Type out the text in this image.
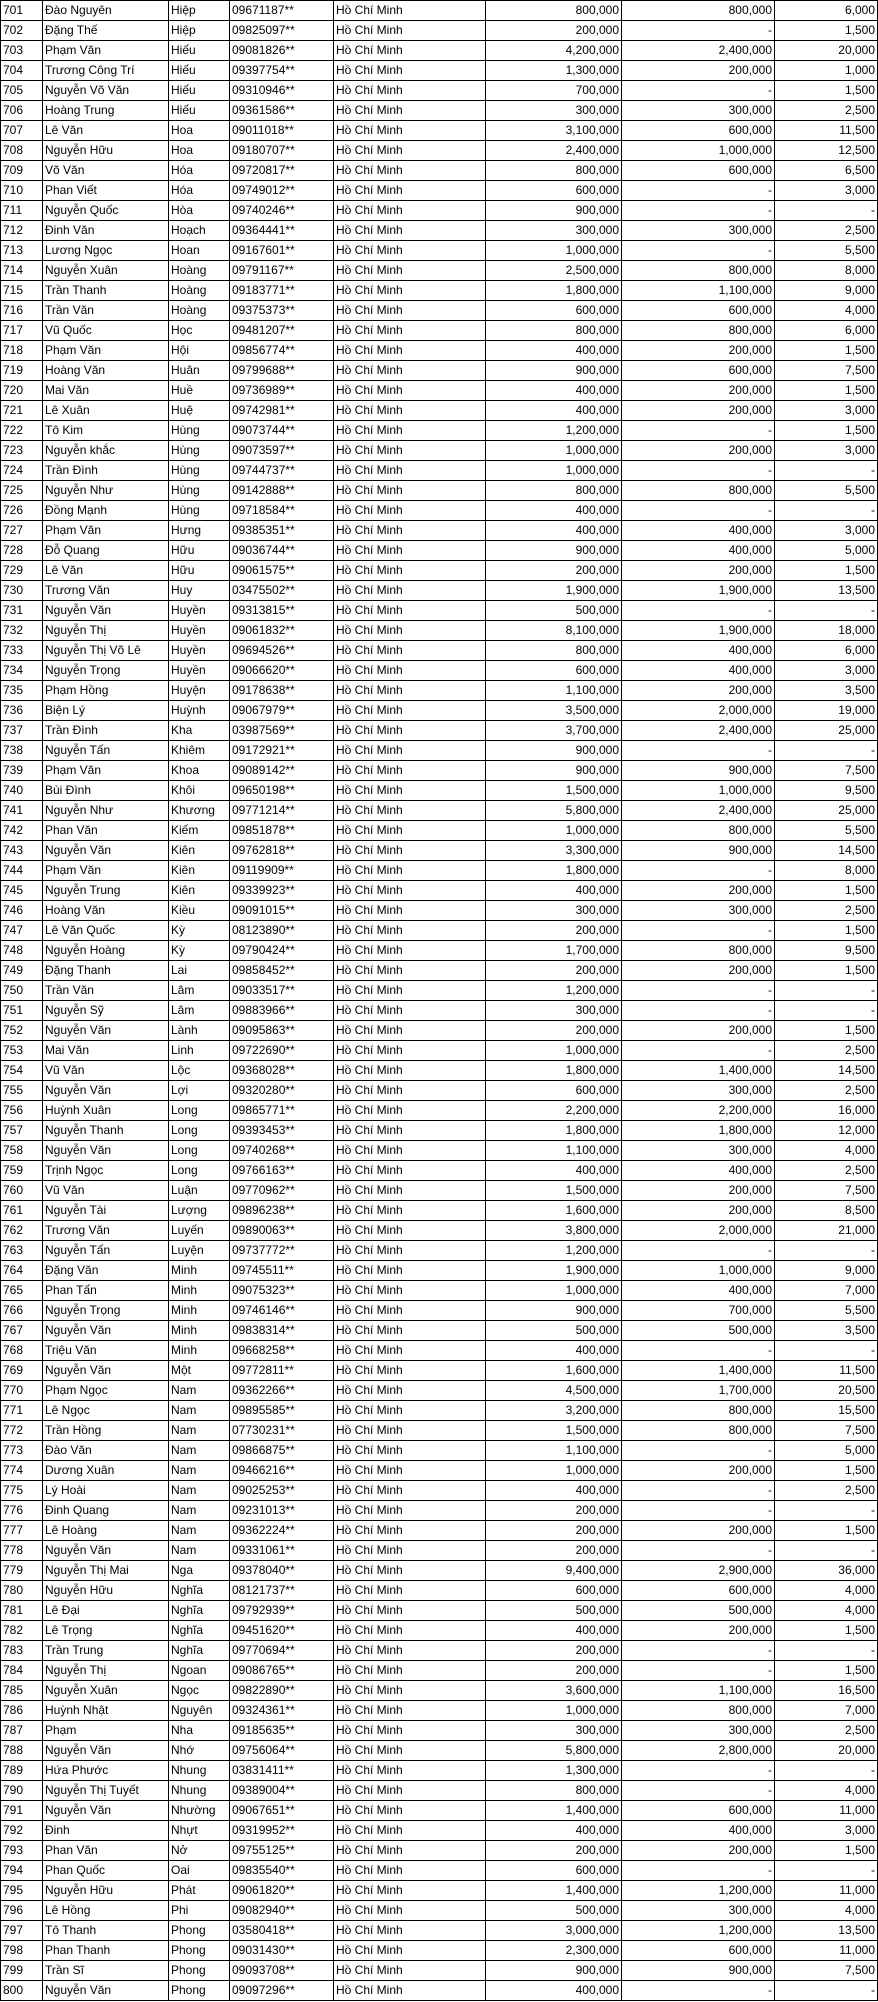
701	Đào Nguyên	Hiệp	09671187**	Hồ Chí Minh	800,000	800,000	6,000
702	Đặng Thế	Hiệp	09825097**	Hồ Chí Minh	200,000	-	1,500
703	Phạm Văn	Hiếu	09081826**	Hồ Chí Minh	4,200,000	2,400,000	20,000
704	Trương Công Trí	Hiếu	09397754**	Hồ Chí Minh	1,300,000	200,000	1,000
705	Nguyễn Võ Văn	Hiếu	09310946**	Hồ Chí Minh	700,000	-	1,500
706	Hoàng Trung	Hiếu	09361586**	Hồ Chí Minh	300,000	300,000	2,500
707	Lê Văn	Hoa	09011018**	Hồ Chí Minh	3,100,000	600,000	11,500
708	Nguyễn Hữu	Hoa	09180707**	Hồ Chí Minh	2,400,000	1,000,000	12,500
709	Võ Văn	Hóa	09720817**	Hồ Chí Minh	800,000	600,000	6,500
710	Phan Viết	Hóa	09749012**	Hồ Chí Minh	600,000	-	3,000
711	Nguyễn Quốc	Hòa	09740246**	Hồ Chí Minh	900,000	-	-
712	Đinh Văn	Hoạch	09364441**	Hồ Chí Minh	300,000	300,000	2,500
713	Lương Ngọc	Hoan	09167601**	Hồ Chí Minh	1,000,000	-	5,500
714	Nguyễn Xuân	Hoàng	09791167**	Hồ Chí Minh	2,500,000	800,000	8,000
715	Trần Thanh	Hoàng	09183771**	Hồ Chí Minh	1,800,000	1,100,000	9,000
716	Trần Văn	Hoàng	09375373**	Hồ Chí Minh	600,000	600,000	4,000
717	Vũ Quốc	Học	09481207**	Hồ Chí Minh	800,000	800,000	6,000
718	Phạm Văn	Hội	09856774**	Hồ Chí Minh	400,000	200,000	1,500
719	Hoàng Văn	Huân	09799688**	Hồ Chí Minh	900,000	600,000	7,500
720	Mai Văn	Huề	09736989**	Hồ Chí Minh	400,000	200,000	1,500
721	Lê Xuân	Huệ	09742981**	Hồ Chí Minh	400,000	200,000	3,000
722	Tô Kim	Hùng	09073744**	Hồ Chí Minh	1,200,000	-	1,500
723	Nguyễn khắc	Hùng	09073597**	Hồ Chí Minh	1,000,000	200,000	3,000
724	Trần Đình	Hùng	09744737**	Hồ Chí Minh	1,000,000	-	-
725	Nguyễn Như	Hùng	09142888**	Hồ Chí Minh	800,000	800,000	5,500
726	Đồng Mạnh	Hùng	09718584**	Hồ Chí Minh	400,000	-	-
727	Phạm Văn	Hưng	09385351**	Hồ Chí Minh	400,000	400,000	3,000
728	Đỗ Quang	Hữu	09036744**	Hồ Chí Minh	900,000	400,000	5,000
729	Lê Văn	Hữu	09061575**	Hồ Chí Minh	200,000	200,000	1,500
730	Trương Văn	Huy	03475502**	Hồ Chí Minh	1,900,000	1,900,000	13,500
731	Nguyễn Văn	Huyền	09313815**	Hồ Chí Minh	500,000	-	-
732	Nguyễn Thị	Huyền	09061832**	Hồ Chí Minh	8,100,000	1,900,000	18,000
733	Nguyễn Thị Võ Lê	Huyền	09694526**	Hồ Chí Minh	800,000	400,000	6,000
734	Nguyễn Trọng	Huyền	09066620**	Hồ Chí Minh	600,000	400,000	3,000
735	Phạm Hồng	Huyện	09178638**	Hồ Chí Minh	1,100,000	200,000	3,500
736	Biện Lý	Huỳnh	09067979**	Hồ Chí Minh	3,500,000	2,000,000	19,000
737	Trần Đình	Kha	03987569**	Hồ Chí Minh	3,700,000	2,400,000	25,000
738	Nguyễn Tấn	Khiêm	09172921**	Hồ Chí Minh	900,000	-	-
739	Phạm Văn	Khoa	09089142**	Hồ Chí Minh	900,000	900,000	7,500
740	Bùi Đình	Khôi	09650198**	Hồ Chí Minh	1,500,000	1,000,000	9,500
741	Nguyễn Như	Khương	09771214**	Hồ Chí Minh	5,800,000	2,400,000	25,000
742	Phan Văn	Kiếm	09851878**	Hồ Chí Minh	1,000,000	800,000	5,500
743	Nguyễn Văn	Kiên	09762818**	Hồ Chí Minh	3,300,000	900,000	14,500
744	Phạm Văn	Kiên	09119909**	Hồ Chí Minh	1,800,000	-	8,000
745	Nguyễn Trung	Kiên	09339923**	Hồ Chí Minh	400,000	200,000	1,500
746	Hoàng Văn	Kiều	09091015**	Hồ Chí Minh	300,000	300,000	2,500
747	Lê Văn Quốc	Kỳ	08123890**	Hồ Chí Minh	200,000	-	1,500
748	Nguyễn Hoàng	Kỳ	09790424**	Hồ Chí Minh	1,700,000	800,000	9,500
749	Đặng Thanh	Lai	09858452**	Hồ Chí Minh	200,000	200,000	1,500
750	Trần Văn	Lâm	09033517**	Hồ Chí Minh	1,200,000	-	-
751	Nguyễn Sỹ	Lâm	09883966**	Hồ Chí Minh	300,000	-	-
752	Nguyễn Văn	Lành	09095863**	Hồ Chí Minh	200,000	200,000	1,500
753	Mai Văn	Linh	09722690**	Hồ Chí Minh	1,000,000	-	2,500
754	Vũ Văn	Lộc	09368028**	Hồ Chí Minh	1,800,000	1,400,000	14,500
755	Nguyễn Văn	Lợi	09320280**	Hồ Chí Minh	600,000	300,000	2,500
756	Huỳnh Xuân	Long	09865771**	Hồ Chí Minh	2,200,000	2,200,000	16,000
757	Nguyễn Thanh	Long	09393453**	Hồ Chí Minh	1,800,000	1,800,000	12,000
758	Nguyễn Văn	Long	09740268**	Hồ Chí Minh	1,100,000	300,000	4,000
759	Trịnh Ngọc	Long	09766163**	Hồ Chí Minh	400,000	400,000	2,500
760	Vũ Văn	Luận	09770962**	Hồ Chí Minh	1,500,000	200,000	7,500
761	Nguyễn Tài	Lượng	09896238**	Hồ Chí Minh	1,600,000	200,000	8,500
762	Trương Văn	Luyến	09890063**	Hồ Chí Minh	3,800,000	2,000,000	21,000
763	Nguyễn Tấn	Luyện	09737772**	Hồ Chí Minh	1,200,000	-	-
764	Đặng Văn	Minh	09745511**	Hồ Chí Minh	1,900,000	1,000,000	9,000
765	Phan Tấn	Minh	09075323**	Hồ Chí Minh	1,000,000	400,000	7,000
766	Nguyễn Trọng	Minh	09746146**	Hồ Chí Minh	900,000	700,000	5,500
767	Nguyễn Văn	Minh	09838314**	Hồ Chí Minh	500,000	500,000	3,500
768	Triệu Văn	Minh	09668258**	Hồ Chí Minh	400,000	-	-
769	Nguyễn Văn	Một	09772811**	Hồ Chí Minh	1,600,000	1,400,000	11,500
770	Phạm Ngọc	Nam	09362266**	Hồ Chí Minh	4,500,000	1,700,000	20,500
771	Lê Ngọc	Nam	09895585**	Hồ Chí Minh	3,200,000	800,000	15,500
772	Trần Hồng	Nam	07730231**	Hồ Chí Minh	1,500,000	800,000	7,500
773	Đào Văn	Nam	09866875**	Hồ Chí Minh	1,100,000	-	5,000
774	Dương Xuân	Nam	09466216**	Hồ Chí Minh	1,000,000	200,000	1,500
775	Lý Hoài	Nam	09025253**	Hồ Chí Minh	400,000	-	2,500
776	Đinh Quang	Nam	09231013**	Hồ Chí Minh	200,000	-	-
777	Lê Hoàng	Nam	09362224**	Hồ Chí Minh	200,000	200,000	1,500
778	Nguyễn Văn	Nam	09331061**	Hồ Chí Minh	200,000	-	-
779	Nguyễn Thị Mai	Nga	09378040**	Hồ Chí Minh	9,400,000	2,900,000	36,000
780	Nguyễn Hữu	Nghĩa	08121737**	Hồ Chí Minh	600,000	600,000	4,000
781	Lê Đại	Nghĩa	09792939**	Hồ Chí Minh	500,000	500,000	4,000
782	Lê Trọng	Nghĩa	09451620**	Hồ Chí Minh	400,000	200,000	1,500
783	Trần Trung	Nghĩa	09770694**	Hồ Chí Minh	200,000	-	-
784	Nguyễn Thị	Ngoan	09086765**	Hồ Chí Minh	200,000	-	1,500
785	Nguyễn Xuân	Ngọc	09822890**	Hồ Chí Minh	3,600,000	1,100,000	16,500
786	Huỳnh Nhật	Nguyên	09324361**	Hồ Chí Minh	1,000,000	800,000	7,000
787	Phạm	Nha	09185635**	Hồ Chí Minh	300,000	300,000	2,500
788	Nguyễn Văn	Nhớ	09756064**	Hồ Chí Minh	5,800,000	2,800,000	20,000
789	Hứa Phước	Nhung	03831411**	Hồ Chí Minh	1,300,000	-	-
790	Nguyễn Thị Tuyết	Nhung	09389004**	Hồ Chí Minh	800,000	-	4,000
791	Nguyễn Văn	Nhường	09067651**	Hồ Chí Minh	1,400,000	600,000	11,000
792	Đinh	Nhựt	09319952**	Hồ Chí Minh	400,000	400,000	3,000
793	Phan Văn	Nở	09755125**	Hồ Chí Minh	200,000	200,000	1,500
794	Phan Quốc	Oai	09835540**	Hồ Chí Minh	600,000	-	-
795	Nguyễn Hữu	Phát	09061820**	Hồ Chí Minh	1,400,000	1,200,000	11,000
796	Lê Hồng	Phi	09082940**	Hồ Chí Minh	500,000	300,000	4,000
797	Tô Thanh	Phong	03580418**	Hồ Chí Minh	3,000,000	1,200,000	13,500
798	Phan Thanh	Phong	09031430**	Hồ Chí Minh	2,300,000	600,000	11,000
799	Trần Sĩ	Phong	09093708**	Hồ Chí Minh	900,000	900,000	7,500
800	Nguyễn Văn	Phong	09097296**	Hồ Chí Minh	400,000	-	-
